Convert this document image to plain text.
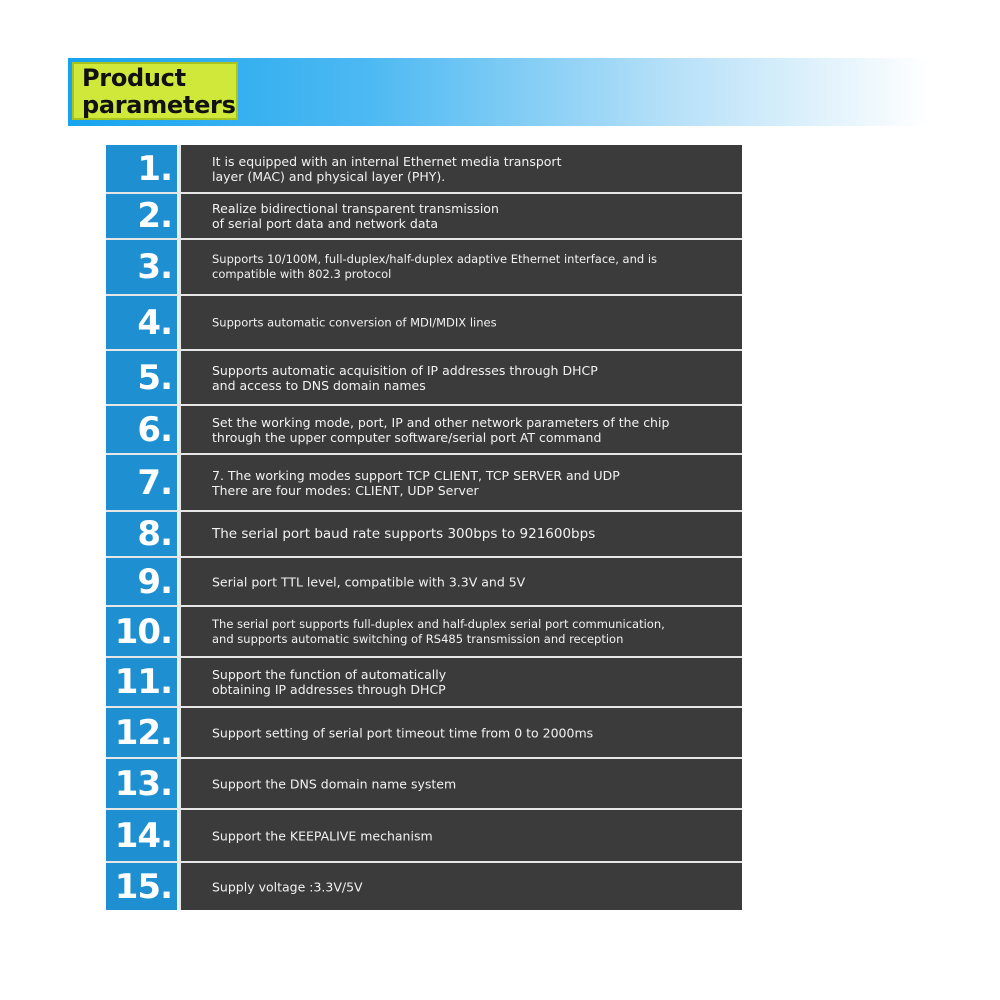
Product
parameters
1.	It is equipped with an internal Ethernet media transport
layer (MAC) and physical layer (PHY).
2.	Realize bidirectional transparent transmission
of serial port data and network data
3.	Supports 10/100M, full-duplex/half-duplex adaptive Ethernet interface, and is
compatible with 802.3 protocol
4.	Supports automatic conversion of MDI/MDIX lines
5.	Supports automatic acquisition of IP addresses through DHCP
and access to DNS domain names
6.	Set the working mode, port, IP and other network parameters of the chip
through the upper computer software/serial port AT command
7.	7. The working modes support TCP CLIENT, TCP SERVER and UDP
There are four modes: CLIENT, UDP Server
8.	The serial port baud rate supports 300bps to 921600bps
9.	Serial port TTL level, compatible with 3.3V and 5V
10.	The serial port supports full-duplex and half-duplex serial port communication,
and supports automatic switching of RS485 transmission and reception
11.	Support the function of automatically
obtaining IP addresses through DHCP
12.	Support setting of serial port timeout time from 0 to 2000ms
13.	Support the DNS domain name system
14.	Support the KEEPALIVE mechanism
15.	Supply voltage :3.3V/5V
